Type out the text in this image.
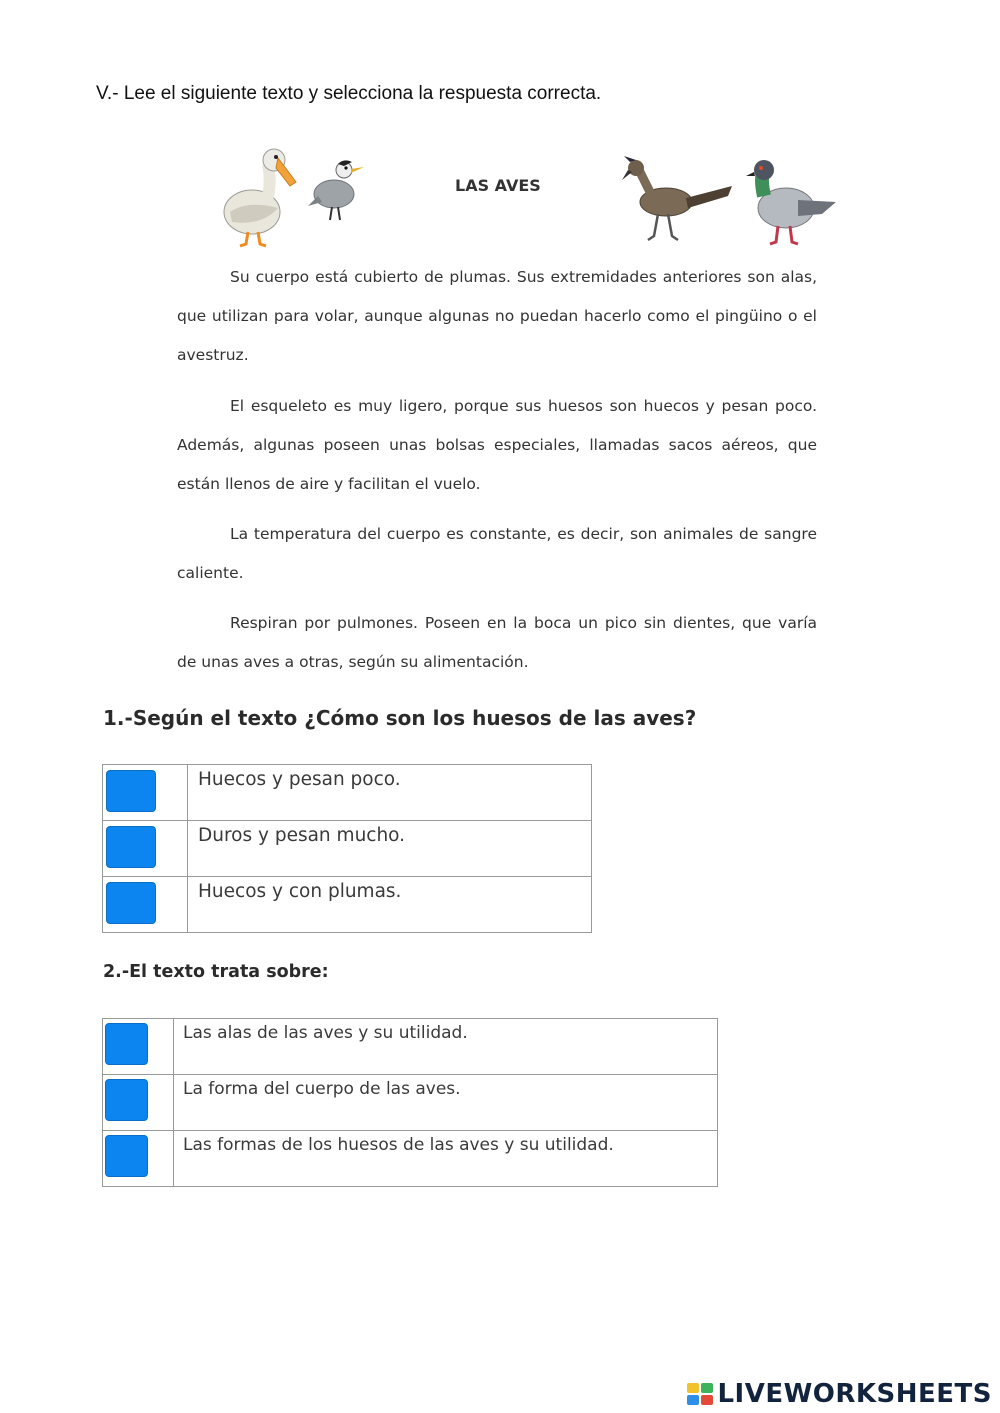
V.- Lee el siguiente texto y selecciona la respuesta correcta.
LAS AVES

Su cuerpo está cubierto de plumas. Sus extremidades anteriores son alas, que utilizan para volar, aunque algunas no puedan hacerlo como el pingüino o el avestruz.

El esqueleto es muy ligero, porque sus huesos son huecos y pesan poco. Además, algunas poseen unas bolsas especiales, llamadas sacos aéreos, que están llenos de aire y facilitan el vuelo.

La temperatura del cuerpo es constante, es decir, son animales de sangre caliente.

Respiran por pulmones. Poseen en la boca un pico sin dientes, que varía de unas aves a otras, según su alimentación.

1.-Según el texto ¿Cómo son los huesos de las aves?
	Huecos y pesan poco.

	Duros y pesan mucho.

	Huecos y con plumas.
2.-El texto trata sobre:
	Las alas de las aves y su utilidad.

	La forma del cuerpo de las aves.

	Las formas de los huesos de las aves y su utilidad.
LIVEWORKSHEETS
